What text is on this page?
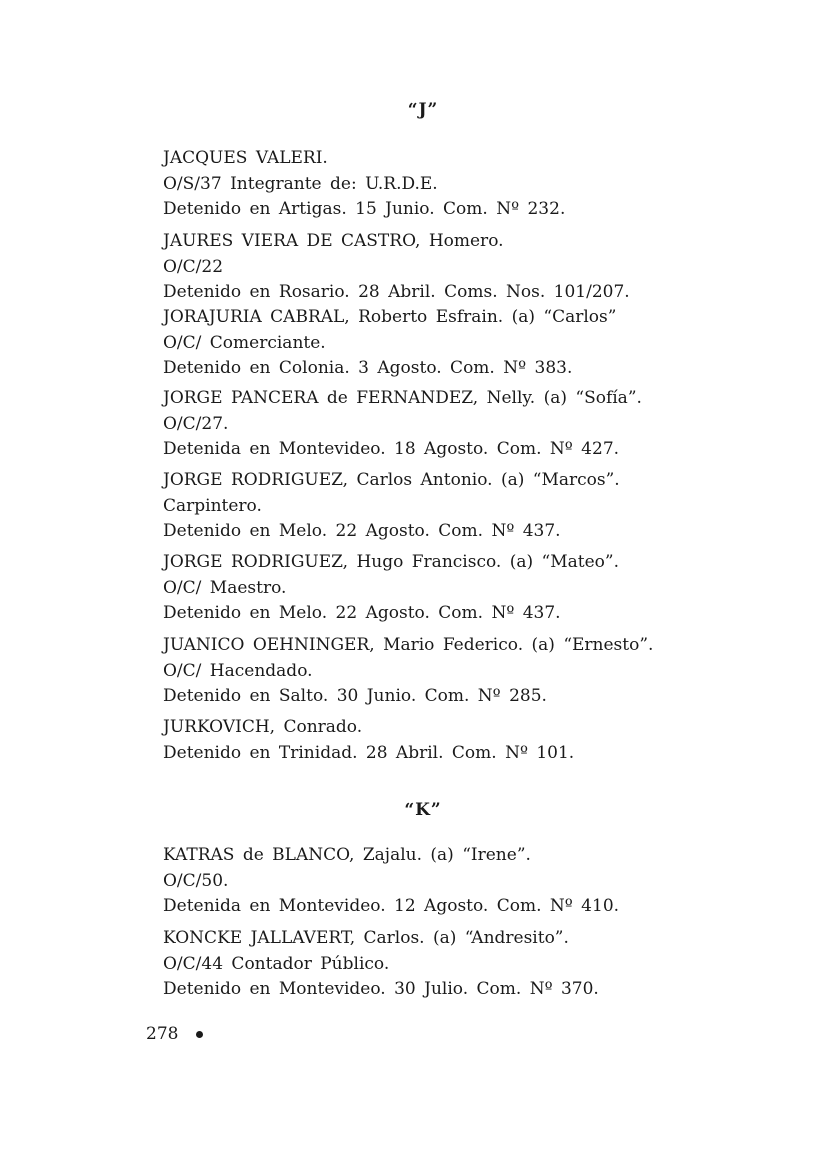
“J”
JACQUES VALERI.
O/S/37 Integrante de: U.R.D.E.
Detenido en Artigas. 15 Junio. Com. Nº 232.
JAURES VIERA DE CASTRO, Homero.
O/C/22
Detenido en Rosario. 28 Abril. Coms. Nos. 101/207.
JORAJURIA CABRAL, Roberto Esfrain. (a) “Carlos”
O/C/ Comerciante.
Detenido en Colonia. 3 Agosto. Com. Nº 383.
JORGE PANCERA de FERNANDEZ, Nelly. (a) “Sofía”.
O/C/27.
Detenida en Montevideo. 18 Agosto. Com. Nº 427.
JORGE RODRIGUEZ, Carlos Antonio. (a) “Marcos”.
Carpintero.
Detenido en Melo. 22 Agosto. Com. Nº 437.
JORGE RODRIGUEZ, Hugo Francisco. (a) “Mateo”.
O/C/ Maestro.
Detenido en Melo. 22 Agosto. Com. Nº 437.
JUANICO OEHNINGER, Mario Federico. (a) “Ernesto”.
O/C/ Hacendado.
Detenido en Salto. 30 Junio. Com. Nº 285.
JURKOVICH, Conrado.
Detenido en Trinidad. 28 Abril. Com. Nº 101.
“K”
KATRAS de BLANCO, Zajalu. (a) “Irene”.
O/C/50.
Detenida en Montevideo. 12 Agosto. Com. Nº 410.
KONCKE JALLAVERT, Carlos. (a) “Andresito”.
O/C/44 Contador Público.
Detenido en Montevideo. 30 Julio. Com. Nº 370.
278
